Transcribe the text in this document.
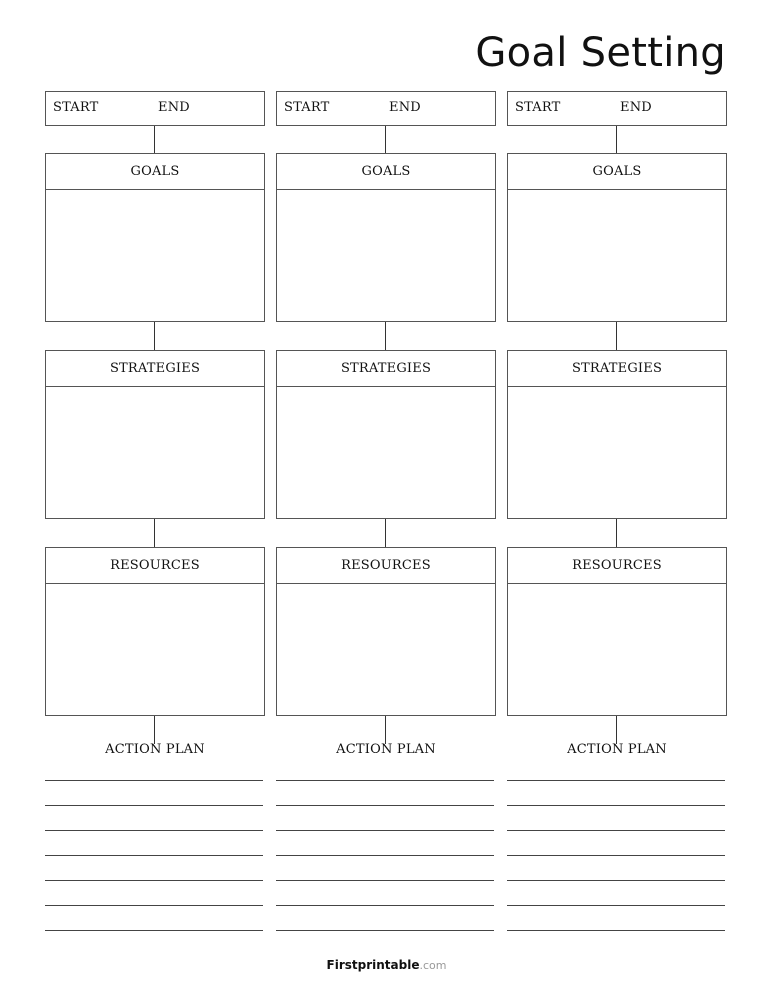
Goal Setting
START	END
GOALS
STRATEGIES
RESOURCES
ACTION PLAN
START	END
GOALS
STRATEGIES
RESOURCES
ACTION PLAN
START	END
GOALS
STRATEGIES
RESOURCES
ACTION PLAN
Firstprintable.com
